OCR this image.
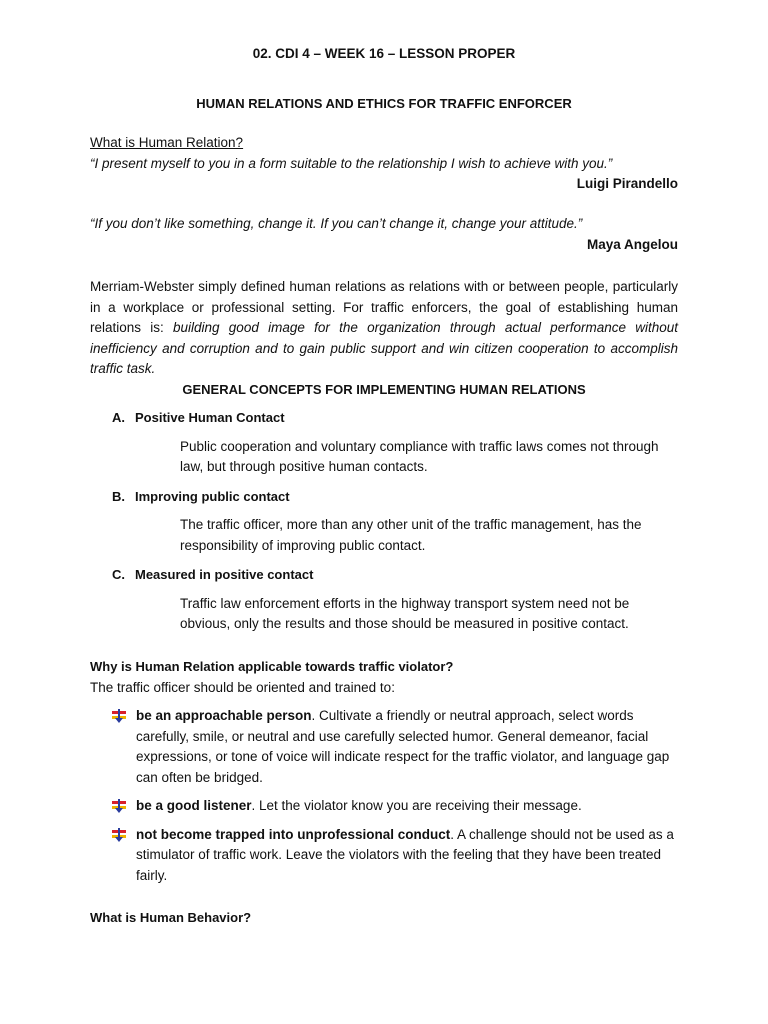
02. CDI 4 – WEEK 16 – LESSON PROPER
HUMAN RELATIONS AND ETHICS FOR TRAFFIC ENFORCER
What is Human Relation?
“I present myself to you in a form suitable to the relationship I wish to achieve with you.”
Luigi Pirandello
“If you don’t like something, change it. If you can’t change it, change your attitude.”
Maya Angelou
Merriam-Webster simply defined human relations as relations with or between people, particularly in a workplace or professional setting. For traffic enforcers, the goal of establishing human relations is: building good image for the organization through actual performance without inefficiency and corruption and to gain public support and win citizen cooperation to accomplish traffic task.
GENERAL CONCEPTS FOR IMPLEMENTING HUMAN RELATIONS
A. Positive Human Contact
Public cooperation and voluntary compliance with traffic laws comes not through law, but through positive human contacts.
B. Improving public contact
The traffic officer, more than any other unit of the traffic management, has the responsibility of improving public contact.
C. Measured in positive contact
Traffic law enforcement efforts in the highway transport system need not be obvious, only the results and those should be measured in positive contact.
Why is Human Relation applicable towards traffic violator?
The traffic officer should be oriented and trained to:
be an approachable person. Cultivate a friendly or neutral approach, select words carefully, smile, or neutral and use carefully selected humor. General demeanor, facial expressions, or tone of voice will indicate respect for the traffic violator, and language gap can often be bridged.
be a good listener. Let the violator know you are receiving their message.
not become trapped into unprofessional conduct. A challenge should not be used as a stimulator of traffic work. Leave the violators with the feeling that they have been treated fairly.
What is Human Behavior?
